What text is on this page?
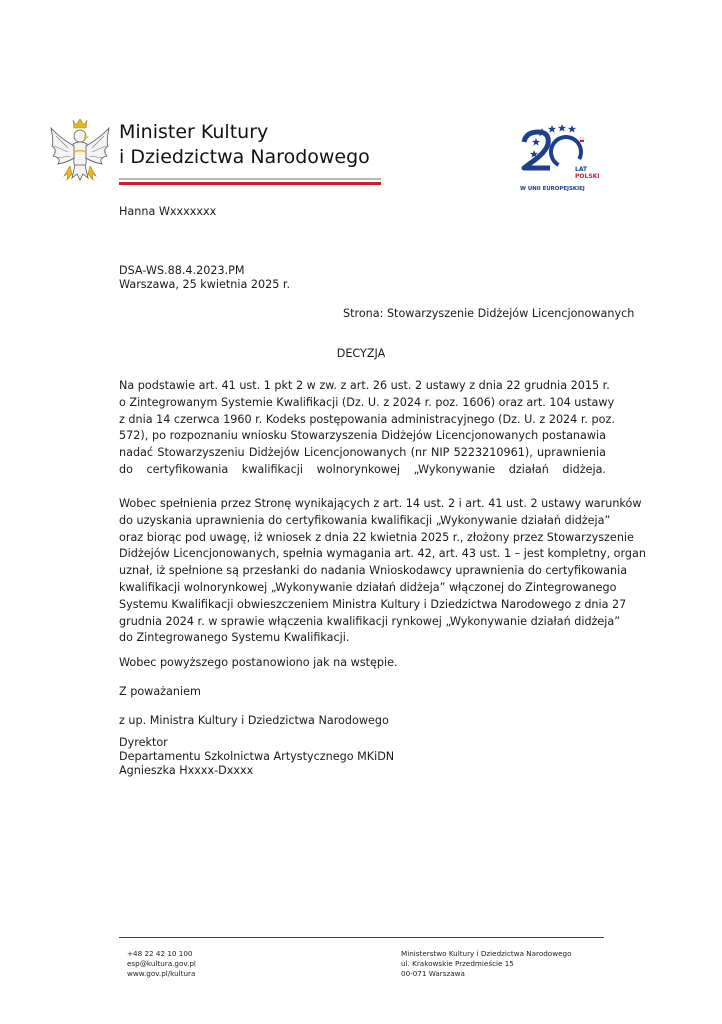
Minister Kultury
i Dziedzictwa Narodowego
LAT
POLSKI
W UNII EUROPEJSKIEJ
Hanna Wxxxxxxx
DSA-WS.88.4.2023.PM
Warszawa, 25 kwietnia 2025 r.
Strona: Stowarzyszenie Didżejów Licencjonowanych
DECYZJA
Na podstawie art. 41 ust. 1 pkt 2 w zw. z art. 26 ust. 2 ustawy z dnia 22 grudnia 2015 r.
o Zintegrowanym Systemie Kwalifikacji (Dz. U. z 2024 r. poz. 1606) oraz art. 104 ustawy
z dnia 14 czerwca 1960 r. Kodeks postępowania administracyjnego (Dz. U. z 2024 r. poz.
572), po rozpoznaniu wniosku Stowarzyszenia Didżejów Licencjonowanych postanawia
nadać Stowarzyszeniu Didżejów Licencjonowanych (nr NIP 5223210961), uprawnienia
do certyfikowania kwalifikacji wolnorynkowej „Wykonywanie działań didżeja.
Wobec spełnienia przez Stronę wynikających z art. 14 ust. 2 i art. 41 ust. 2 ustawy warunków
do uzyskania uprawnienia do certyfikowania kwalifikacji „Wykonywanie działań didżeja”
oraz biorąc pod uwagę, iż wniosek z dnia 22 kwietnia 2025 r., złożony przez Stowarzyszenie
Didżejów Licencjonowanych, spełnia wymagania art. 42, art. 43 ust. 1 – jest kompletny, organ
uznał, iż spełnione są przesłanki do nadania Wnioskodawcy uprawnienia do certyfikowania
kwalifikacji wolnorynkowej „Wykonywanie działań didżeja” włączonej do Zintegrowanego
Systemu Kwalifikacji obwieszczeniem Ministra Kultury i Dziedzictwa Narodowego z dnia 27
grudnia 2024 r. w sprawie włączenia kwalifikacji rynkowej „Wykonywanie działań didżeja”
do Zintegrowanego Systemu Kwalifikacji.
Wobec powyższego postanowiono jak na wstępie.
Z poważaniem
z up. Ministra Kultury i Dziedzictwa Narodowego
Dyrektor
Departamentu Szkolnictwa Artystycznego MKiDN
Agnieszka Hxxxx-Dxxxx
+48 22 42 10 100
esp@kultura.gov.pl
www.gov.pl/kultura
Ministerstwo Kultury i Dziedzictwa Narodowego
ul. Krakowskie Przedmieście 15
00-071 Warszawa
